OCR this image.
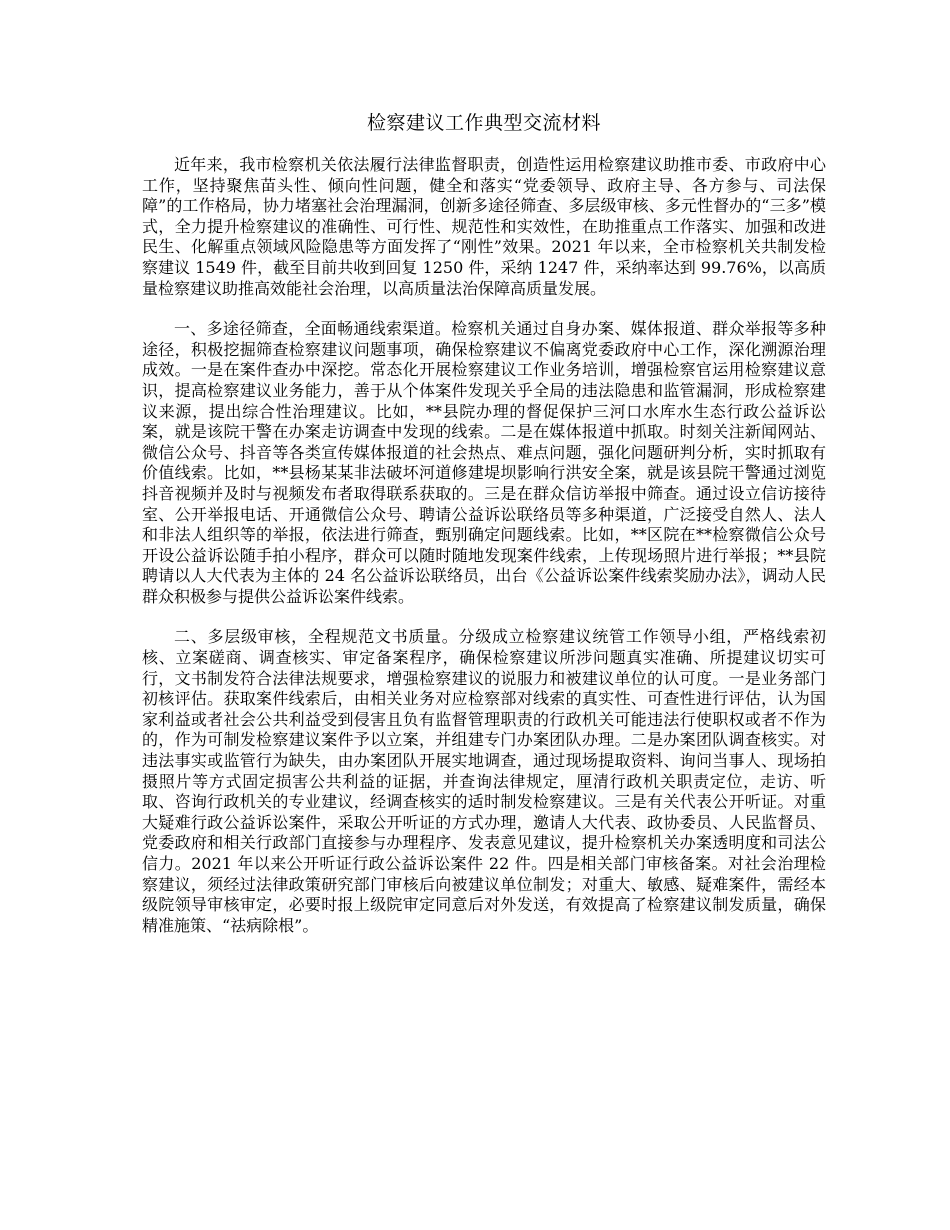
检察建议工作典型交流材料

近年来，我市检察机关依法履行法律监督职责，创造性运用检察建议助推市委、市政府中心工作，坚持聚焦苗头性、倾向性问题，健全和落实“党委领导、政府主导、各方参与、司法保障”的工作格局，协力堵塞社会治理漏洞，创新多途径筛查、多层级审核、多元性督办的“三多”模式，全力提升检察建议的准确性、可行性、规范性和实效性，在助推重点工作落实、加强和改进民生、化解重点领域风险隐患等方面发挥了“刚性”效果。2021 年以来，全市检察机关共制发检察建议 1549 件，截至目前共收到回复 1250 件，采纳 1247 件，采纳率达到 99.76%，以高质量检察建议助推高效能社会治理，以高质量法治保障高质量发展。

一、多途径筛查，全面畅通线索渠道。检察机关通过自身办案、媒体报道、群众举报等多种途径，积极挖掘筛查检察建议问题事项，确保检察建议不偏离党委政府中心工作，深化溯源治理成效。一是在案件查办中深挖。常态化开展检察建议工作业务培训，增强检察官运用检察建议意识，提高检察建议业务能力，善于从个体案件发现关乎全局的违法隐患和监管漏洞，形成检察建议来源，提出综合性治理建议。比如，**县院办理的督促保护三河口水库水生态行政公益诉讼案，就是该院干警在办案走访调查中发现的线索。二是在媒体报道中抓取。时刻关注新闻网站、微信公众号、抖音等各类宣传媒体报道的社会热点、难点问题，强化问题研判分析，实时抓取有价值线索。比如，**县杨某某非法破坏河道修建堤坝影响行洪安全案，就是该县院干警通过浏览抖音视频并及时与视频发布者取得联系获取的。三是在群众信访举报中筛查。通过设立信访接待室、公开举报电话、开通微信公众号、聘请公益诉讼联络员等多种渠道，广泛接受自然人、法人和非法人组织等的举报，依法进行筛查，甄别确定问题线索。比如，**区院在**检察微信公众号开设公益诉讼随手拍小程序，群众可以随时随地发现案件线索，上传现场照片进行举报；**县院聘请以人大代表为主体的 24 名公益诉讼联络员，出台《公益诉讼案件线索奖励办法》，调动人民群众积极参与提供公益诉讼案件线索。

二、多层级审核，全程规范文书质量。分级成立检察建议统管工作领导小组，严格线索初核、立案磋商、调查核实、审定备案程序，确保检察建议所涉问题真实准确、所提建议切实可行，文书制发符合法律法规要求，增强检察建议的说服力和被建议单位的认可度。一是业务部门初核评估。获取案件线索后，由相关业务对应检察部对线索的真实性、可查性进行评估，认为国家利益或者社会公共利益受到侵害且负有监督管理职责的行政机关可能违法行使职权或者不作为的，作为可制发检察建议案件予以立案，并组建专门办案团队办理。二是办案团队调查核实。对违法事实或监管行为缺失，由办案团队开展实地调查，通过现场提取资料、询问当事人、现场拍摄照片等方式固定损害公共利益的证据，并查询法律规定，厘清行政机关职责定位，走访、听取、咨询行政机关的专业建议，经调查核实的适时制发检察建议。三是有关代表公开听证。对重大疑难行政公益诉讼案件，采取公开听证的方式办理，邀请人大代表、政协委员、人民监督员、党委政府和相关行政部门直接参与办理程序、发表意见建议，提升检察机关办案透明度和司法公信力。2021 年以来公开听证行政公益诉讼案件 22 件。四是相关部门审核备案。对社会治理检察建议，须经过法律政策研究部门审核后向被建议单位制发；对重大、敏感、疑难案件，需经本级院领导审核审定，必要时报上级院审定同意后对外发送，有效提高了检察建议制发质量，确保精准施策、“祛病除根”。
